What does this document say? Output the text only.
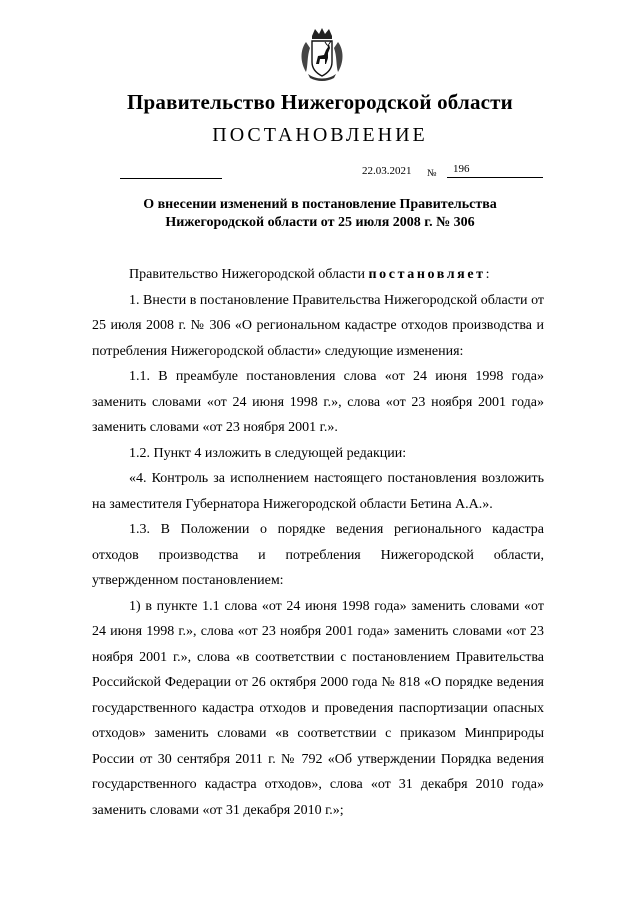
Правительство Нижегородской области
ПОСТАНОВЛЕНИЕ
22.03.2021 № 196
О внесении изменений в постановление Правительства
Нижегородской области от 25 июля 2008 г. № 306

Правительство Нижегородской области постановляет:

1. Внести в постановление Правительства Нижегородской области от 25 июля 2008 г. № 306 «О региональном кадастре отходов производства и потребления Нижегородской области» следующие изменения:

1.1. В преамбуле постановления слова «от 24 июня 1998 года» заменить словами «от 24 июня 1998 г.», слова «от 23 ноября 2001 года» заменить словами «от 23 ноября 2001 г.».

1.2. Пункт 4 изложить в следующей редакции:

«4. Контроль за исполнением настоящего постановления возложить на заместителя Губернатора Нижегородской области Бетина А.А.».

1.3. В Положении о порядке ведения регионального кадастра отходов производства и потребления Нижегородской области, утвержденном постановлением:

1) в пункте 1.1 слова «от 24 июня 1998 года» заменить словами «от 24 июня 1998 г.», слова «от 23 ноября 2001 года» заменить словами «от 23 ноября 2001 г.», слова «в соответствии с постановлением Правительства Российской Федерации от 26 октября 2000 года № 818 «О порядке ведения государственного кадастра отходов и проведения паспортизации опасных отходов» заменить словами «в соответствии с приказом Минприроды России от 30 сентября 2011 г. № 792 «Об утверждении Порядка ведения государственного кадастра отходов», слова «от 31 декабря 2010 года» заменить словами «от 31 декабря 2010 г.»;
